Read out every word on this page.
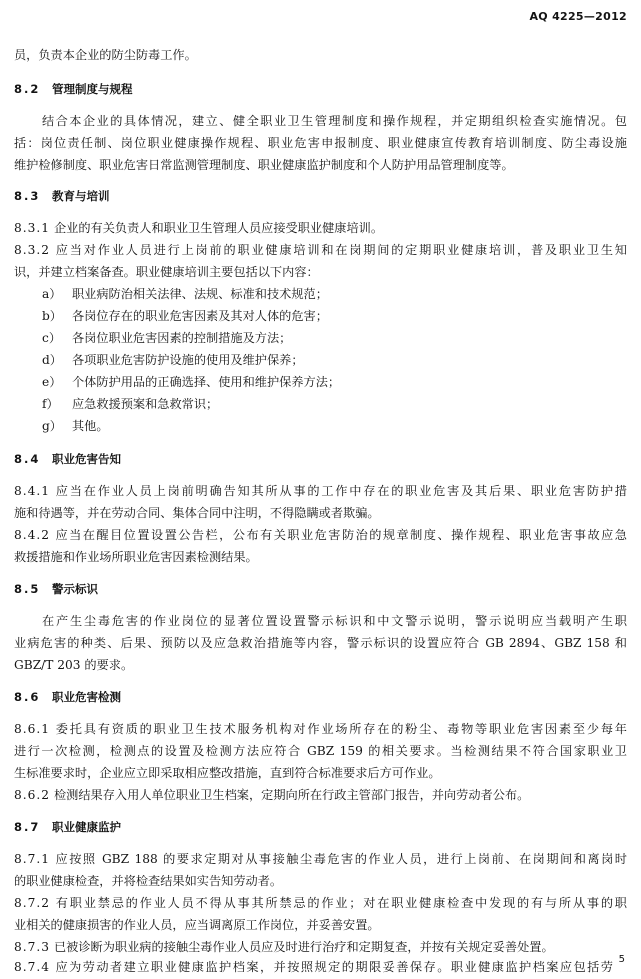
AQ 4225—2012
员，负责本企业的防尘防毒工作。
8.2 管理制度与规程
结合本企业的具体情况，建立、健全职业卫生管理制度和操作规程，并定期组织检查实施情况。包
括：岗位责任制、岗位职业健康操作规程、职业危害申报制度、职业健康宣传教育培训制度、防尘毒设施
维护检修制度、职业危害日常监测管理制度、职业健康监护制度和个人防护用品管理制度等。
8.3 教育与培训
8.3.1 企业的有关负责人和职业卫生管理人员应接受职业健康培训。
8.3.2 应当对作业人员进行上岗前的职业健康培训和在岗期间的定期职业健康培训，普及职业卫生知
识，并建立档案备查。职业健康培训主要包括以下内容：
a） 职业病防治相关法律、法规、标准和技术规范；
b） 各岗位存在的职业危害因素及其对人体的危害；
c） 各岗位职业危害因素的控制措施及方法；
d） 各项职业危害防护设施的使用及维护保养；
e） 个体防护用品的正确选择、使用和维护保养方法；
f） 应急救援预案和急救常识；
g） 其他。
8.4 职业危害告知
8.4.1 应当在作业人员上岗前明确告知其所从事的工作中存在的职业危害及其后果、职业危害防护措
施和待遇等，并在劳动合同、集体合同中注明，不得隐瞒或者欺骗。
8.4.2 应当在醒目位置设置公告栏，公布有关职业危害防治的规章制度、操作规程、职业危害事故应急
救援措施和作业场所职业危害因素检测结果。
8.5 警示标识
在产生尘毒危害的作业岗位的显著位置设置警示标识和中文警示说明，警示说明应当载明产生职
业病危害的种类、后果、预防以及应急救治措施等内容，警示标识的设置应符合 GB 2894、GBZ 158 和
GBZ/T 203 的要求。
8.6 职业危害检测
8.6.1 委托具有资质的职业卫生技术服务机构对作业场所存在的粉尘、毒物等职业危害因素至少每年
进行一次检测，检测点的设置及检测方法应符合 GBZ 159 的相关要求。当检测结果不符合国家职业卫
生标准要求时，企业应立即采取相应整改措施，直到符合标准要求后方可作业。
8.6.2 检测结果存入用人单位职业卫生档案，定期向所在行政主管部门报告，并向劳动者公布。
8.7 职业健康监护
8.7.1 应按照 GBZ 188 的要求定期对从事接触尘毒危害的作业人员，进行上岗前、在岗期间和离岗时
的职业健康检查，并将检查结果如实告知劳动者。
8.7.2 有职业禁忌的作业人员不得从事其所禁忌的作业；对在职业健康检查中发现的有与所从事的职
业相关的健康损害的作业人员，应当调离原工作岗位，并妥善安置。
8.7.3 已被诊断为职业病的接触尘毒作业人员应及时进行治疗和定期复查，并按有关规定妥善处置。
8.7.4 应为劳动者建立职业健康监护档案，并按照规定的期限妥善保存。职业健康监护档案应包括劳
5
